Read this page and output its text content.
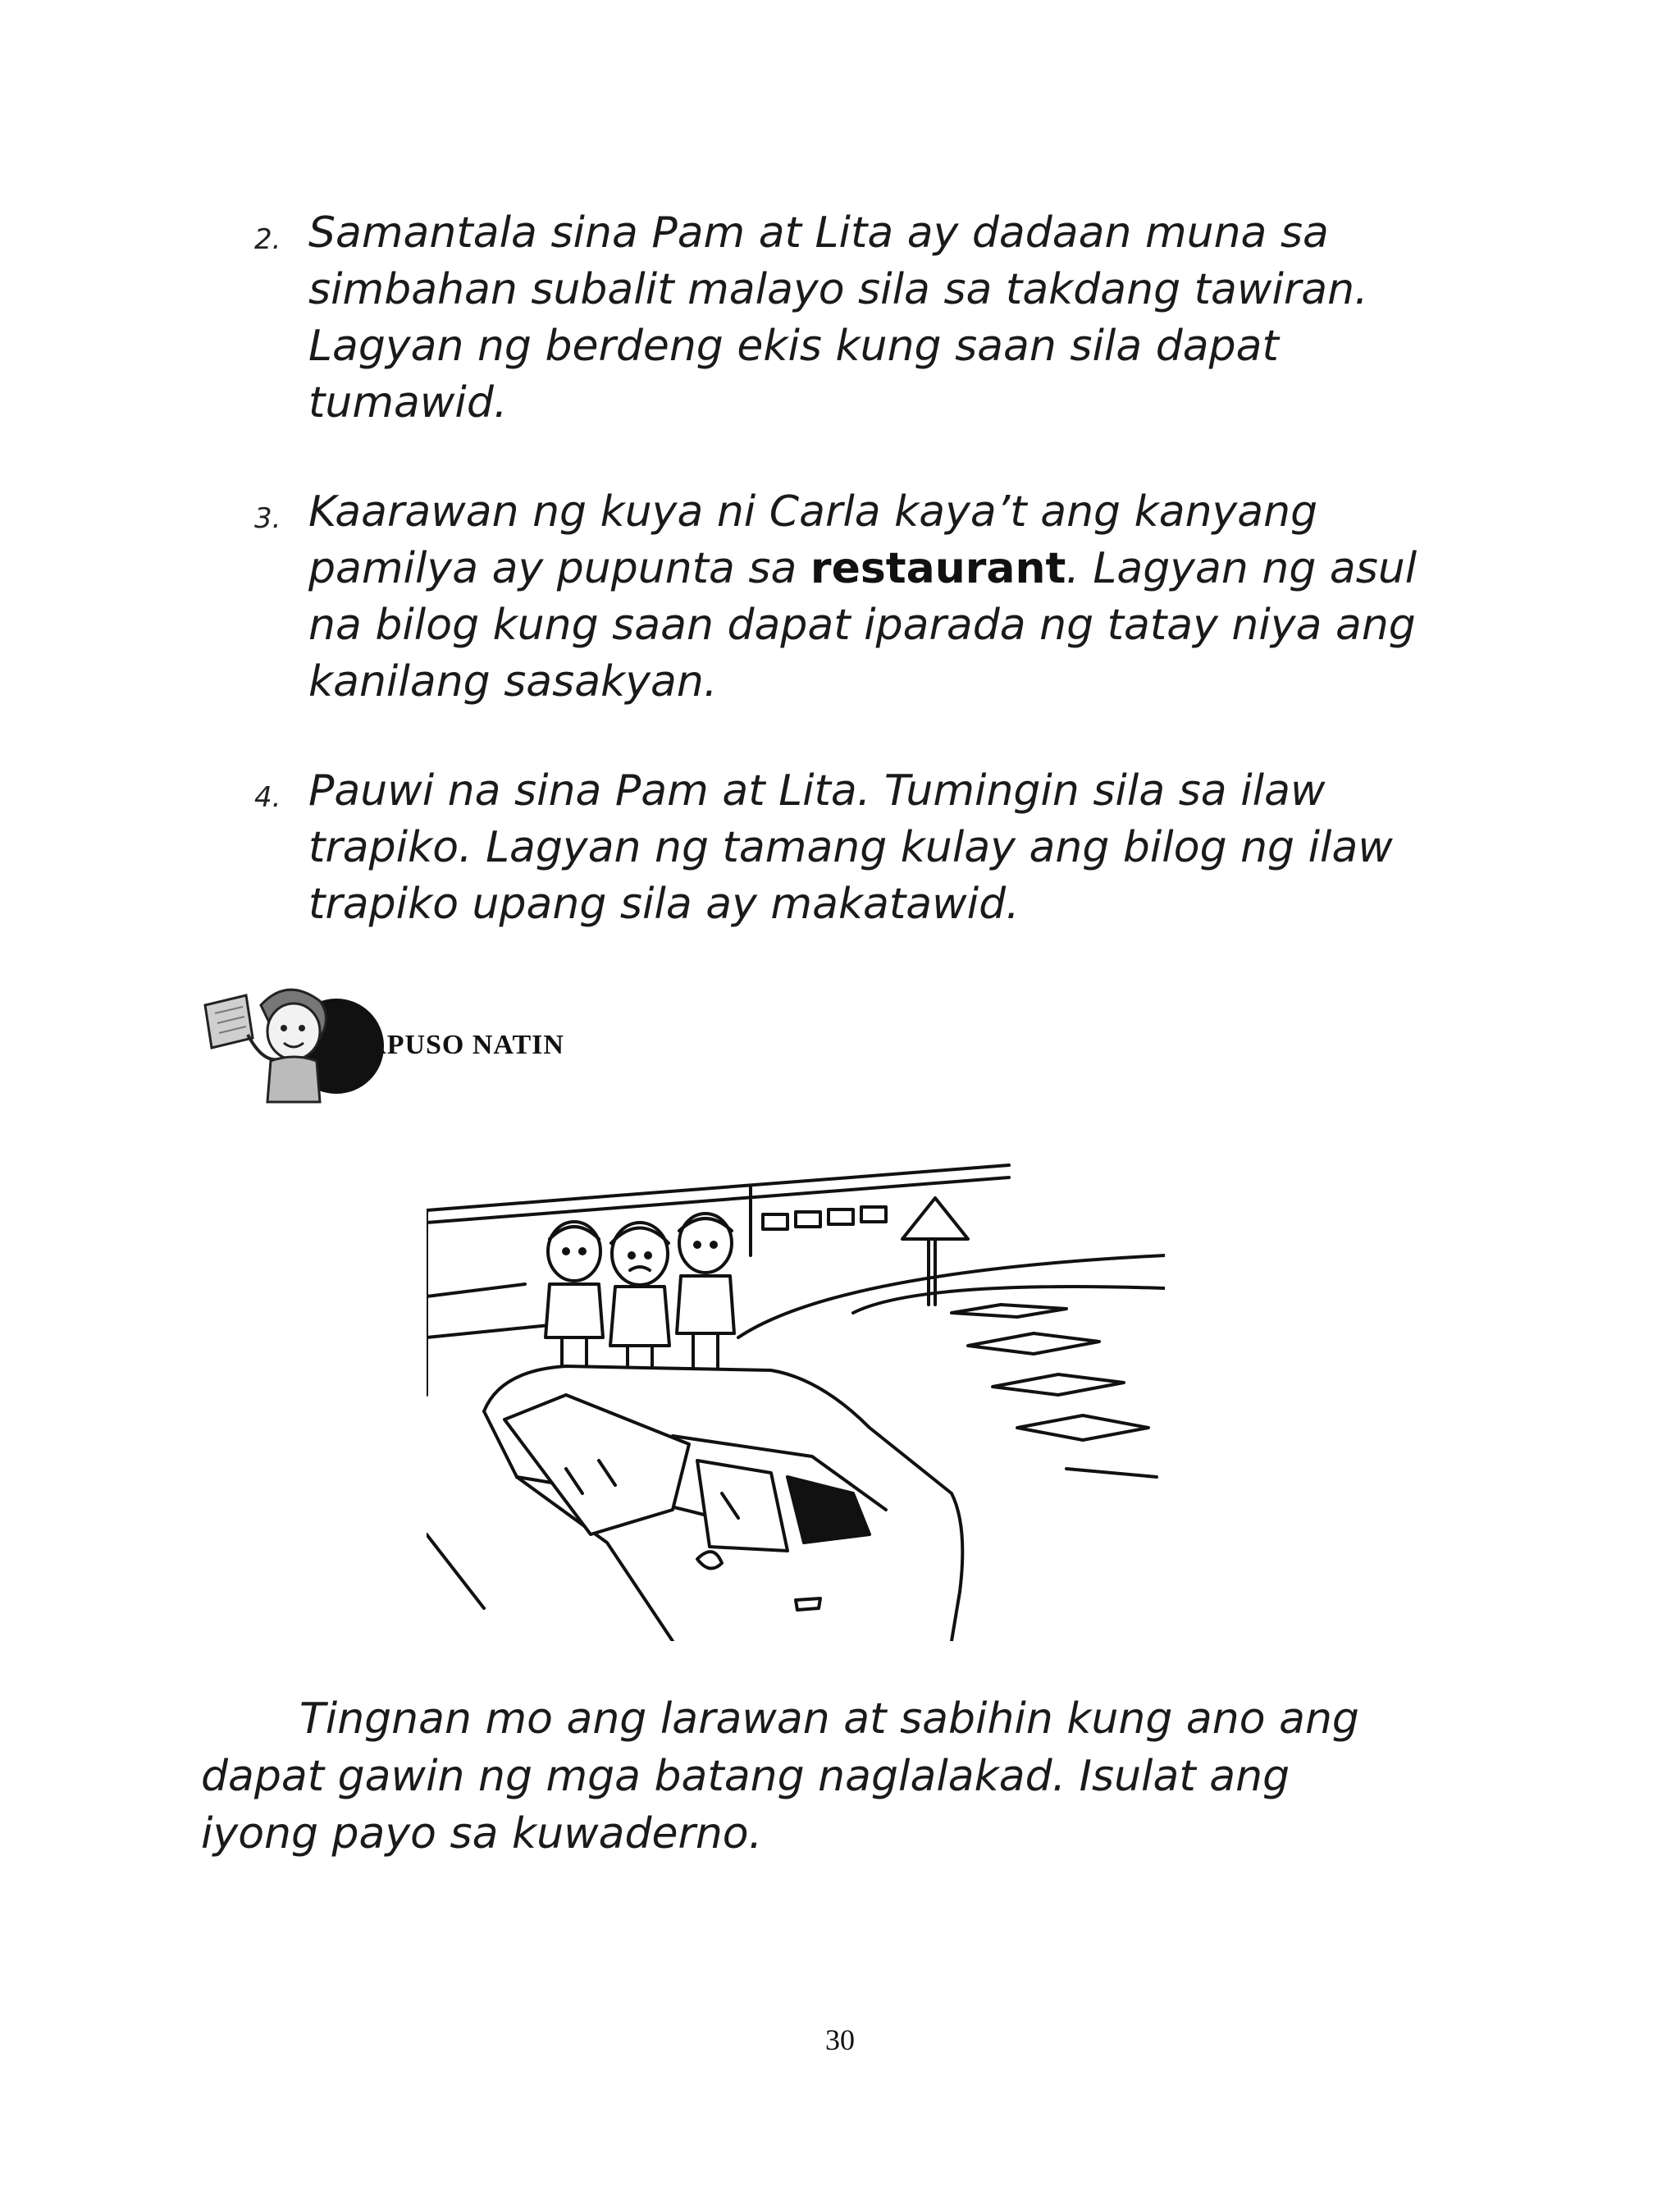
2. Samantala sina Pam at Lita ay dadaan muna sa simbahan subalit malayo sila sa takdang tawiran. Lagyan ng berdeng ekis kung saan sila dapat tumawid.
3. Kaarawan ng kuya ni Carla kaya’t ang kanyang pamilya ay pupunta sa restaurant. Lagyan ng asul na bilog kung saan dapat iparada ng tatay niya ang kanilang sasakyan.
4. Pauwi na sina Pam at Lita. Tumingin sila sa ilaw trapiko. Lagyan ng tamang kulay ang bilog ng ilaw trapiko upang sila ay makatawid.
ISAPUSO NATIN
Tingnan mo ang larawan at sabihin kung ano ang dapat gawin ng mga batang naglalakad. Isulat ang iyong payo sa kuwaderno.
30
